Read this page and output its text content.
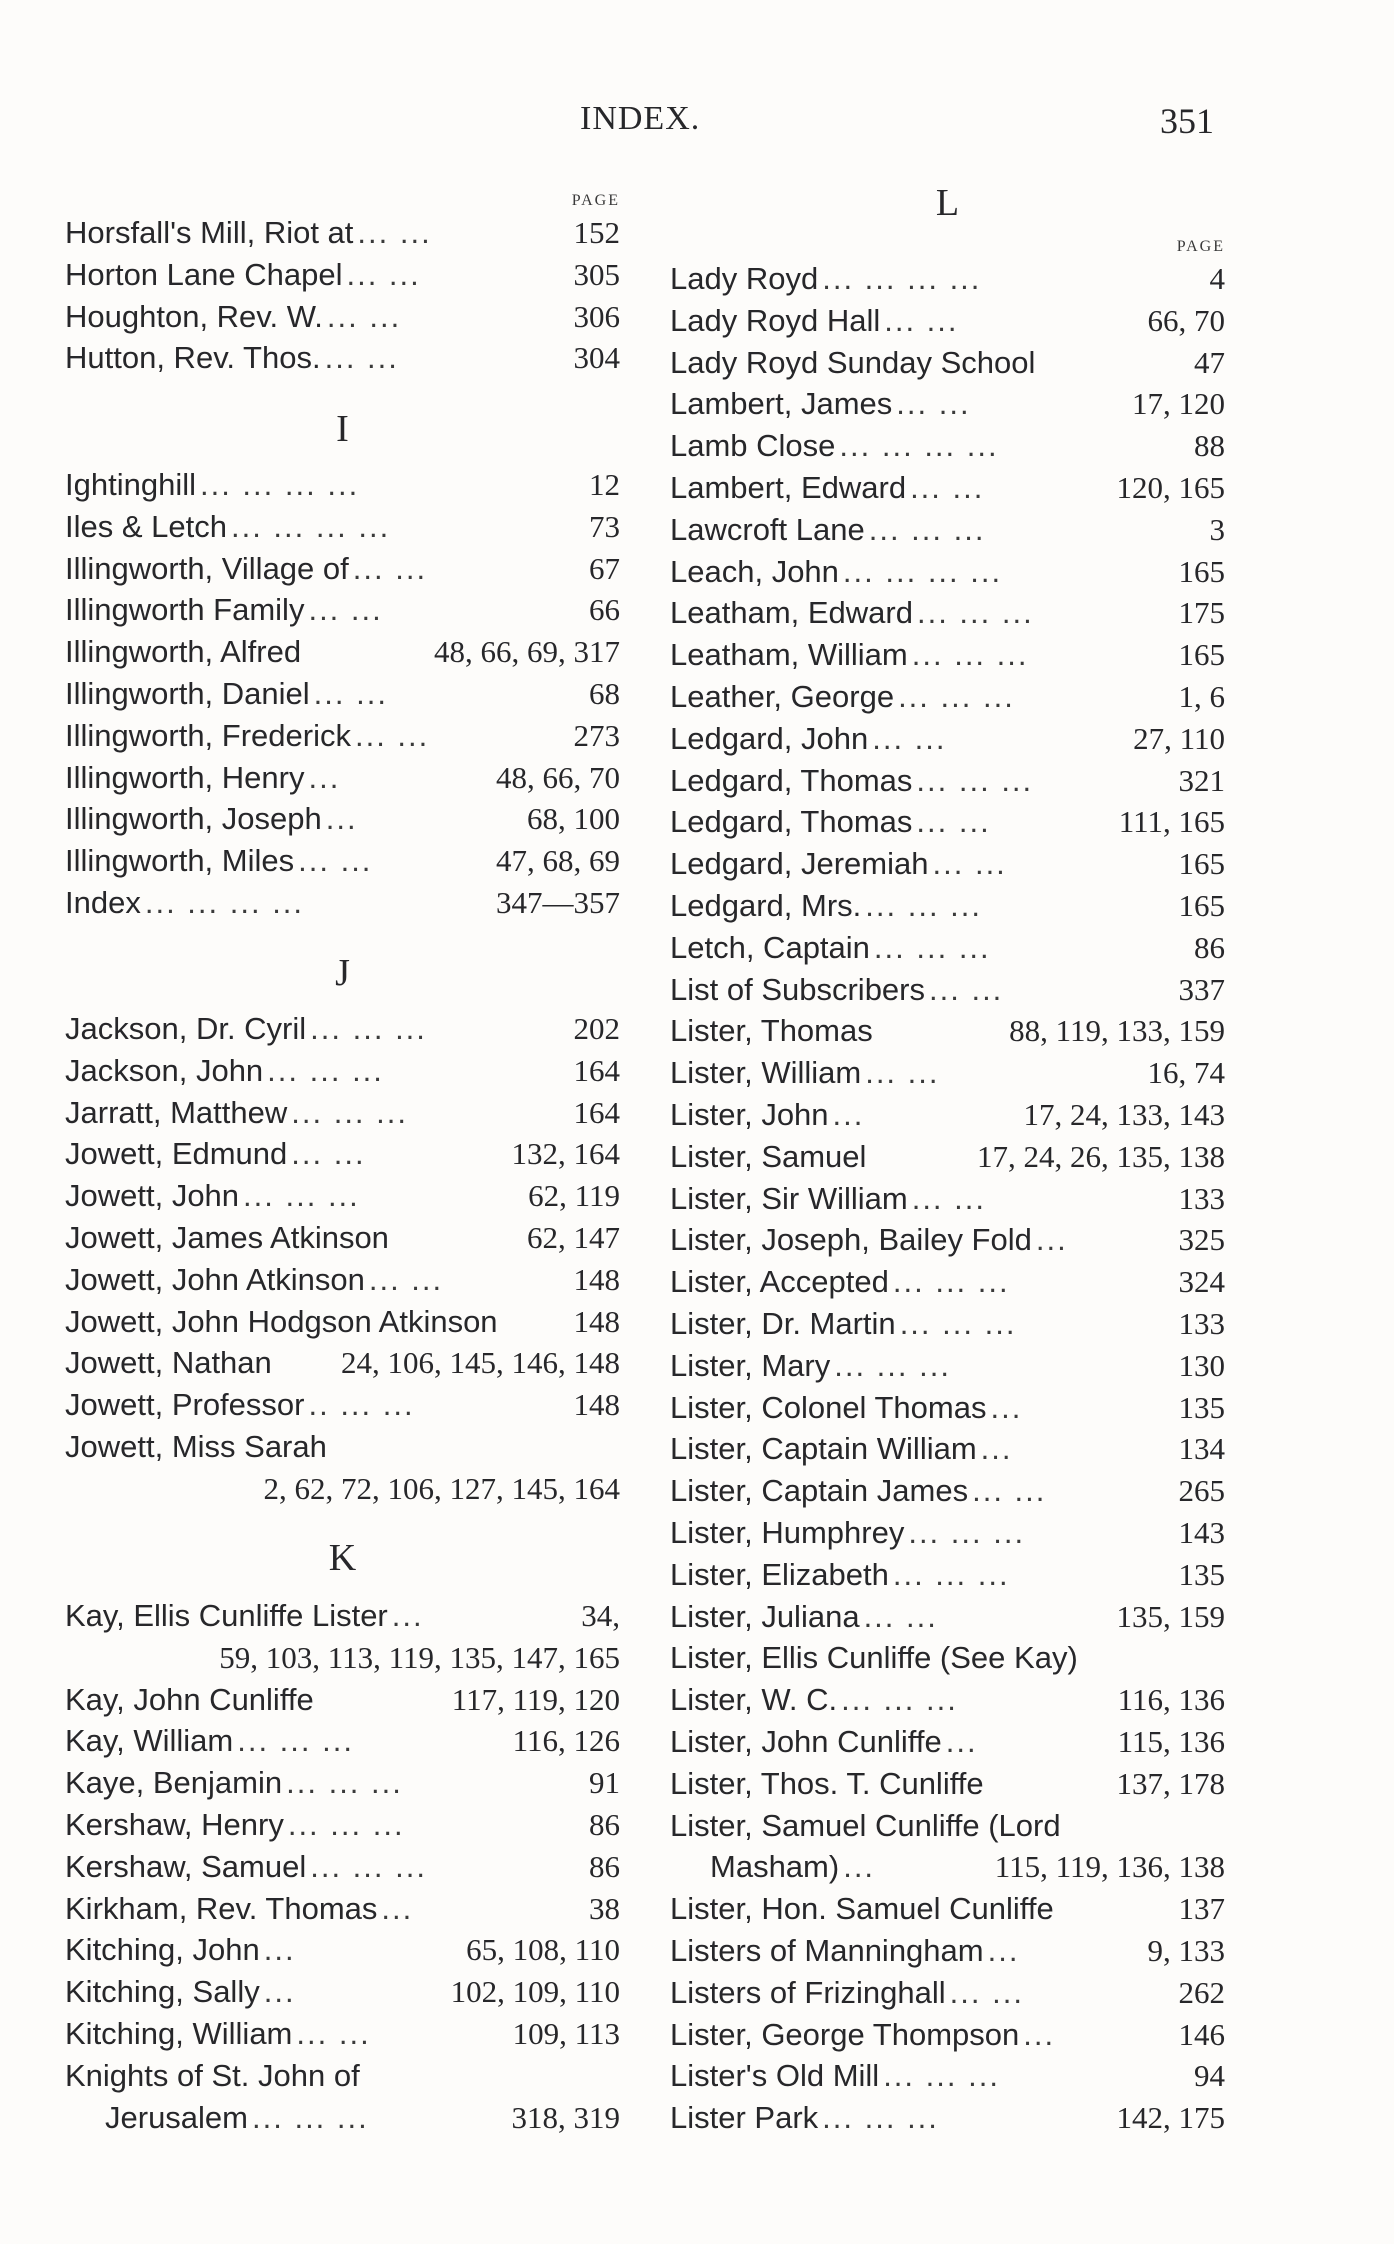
INDEX.	351
PAGE
Horsfall's Mill, Riot at ... ...	152
Horton Lane Chapel ... ...	305
Houghton, Rev. W. ... ...	306
Hutton, Rev. Thos. ... ...	304
I
Ightinghill ... ... ... ...	12
Iles & Letch ... ... ... ...	73
Illingworth, Village of ... ...	67
Illingworth Family ... ...	66
Illingworth, Alfred	48, 66, 69, 317
Illingworth, Daniel ... ...	68
Illingworth, Frederick ... ...	273
Illingworth, Henry ...	48, 66, 70
Illingworth, Joseph ...	68, 100
Illingworth, Miles ... ...	47, 68, 69
Index ... ... ... ...	347—357
J
Jackson, Dr. Cyril ... ... ...	202
Jackson, John ... ... ...	164
Jarratt, Matthew ... ... ...	164
Jowett, Edmund ... ...	132, 164
Jowett, John ... ... ...	62, 119
Jowett, James Atkinson	62, 147
Jowett, John Atkinson ... ...	148
Jowett, John Hodgson Atkinson 148
Jowett, Nathan 24, 106, 145, 146, 148
Jowett, Professor .. ... ...	148
Jowett, Miss Sarah
2, 62, 72, 106, 127, 145, 164
K
Kay, Ellis Cunliffe Lister ...	34,
59, 103, 113, 119, 135, 147, 165
Kay, John Cunliffe	117, 119, 120
Kay, William ... ... ...	116, 126
Kaye, Benjamin ... ... ...	91
Kershaw, Henry ... ... ...	86
Kershaw, Samuel ... ... ...	86
Kirkham, Rev. Thomas ...	38
Kitching, John ...	65, 108, 110
Kitching, Sally ...	102, 109, 110
Kitching, William ... ...	109, 113
Knights of St. John of
Jerusalem ... ... ...	318, 319
L
PAGE
Lady Royd ... ... ... ...	4
Lady Royd Hall ... ...	66, 70
Lady Royd Sunday School	47
Lambert, James ... ...	17, 120
Lamb Close ... ... ... ...	88
Lambert, Edward ... ...	120, 165
Lawcroft Lane ... ... ...	3
Leach, John ... ... ... ...	165
Leatham, Edward ... ... ...	175
Leatham, William ... ... ...	165
Leather, George ... ... ...	1, 6
Ledgard, John ... ...	27, 110
Ledgard, Thomas ... ... ...	321
Ledgard, Thomas ... ...	111, 165
Ledgard, Jeremiah ... ...	165
Ledgard, Mrs. ... ... ...	165
Letch, Captain ... ... ...	86
List of Subscribers ... ...	337
Lister, Thomas	88, 119, 133, 159
Lister, William ... ...	16, 74
Lister, John ...	17, 24, 133, 143
Lister, Samuel	17, 24, 26, 135, 138
Lister, Sir William ... ...	133
Lister, Joseph, Bailey Fold ...	325
Lister, Accepted ... ... ...	324
Lister, Dr. Martin ... ... ...	133
Lister, Mary ... ... ...	130
Lister, Colonel Thomas ...	135
Lister, Captain William ...	134
Lister, Captain James ... ...	265
Lister, Humphrey ... ... ...	143
Lister, Elizabeth ... ... ...	135
Lister, Juliana ... ...	135, 159
Lister, Ellis Cunliffe (See Kay)
Lister, W. C. ... ... ...	116, 136
Lister, John Cunliffe ...	115, 136
Lister, Thos. T. Cunliffe	137, 178
Lister, Samuel Cunliffe (Lord
Masham) ...	115, 119, 136, 138
Lister, Hon. Samuel Cunliffe	137
Listers of Manningham ...	9, 133
Listers of Frizinghall ... ...	262
Lister, George Thompson ...	146
Lister's Old Mill ... ... ...	94
Lister Park ... ... ...	142, 175
